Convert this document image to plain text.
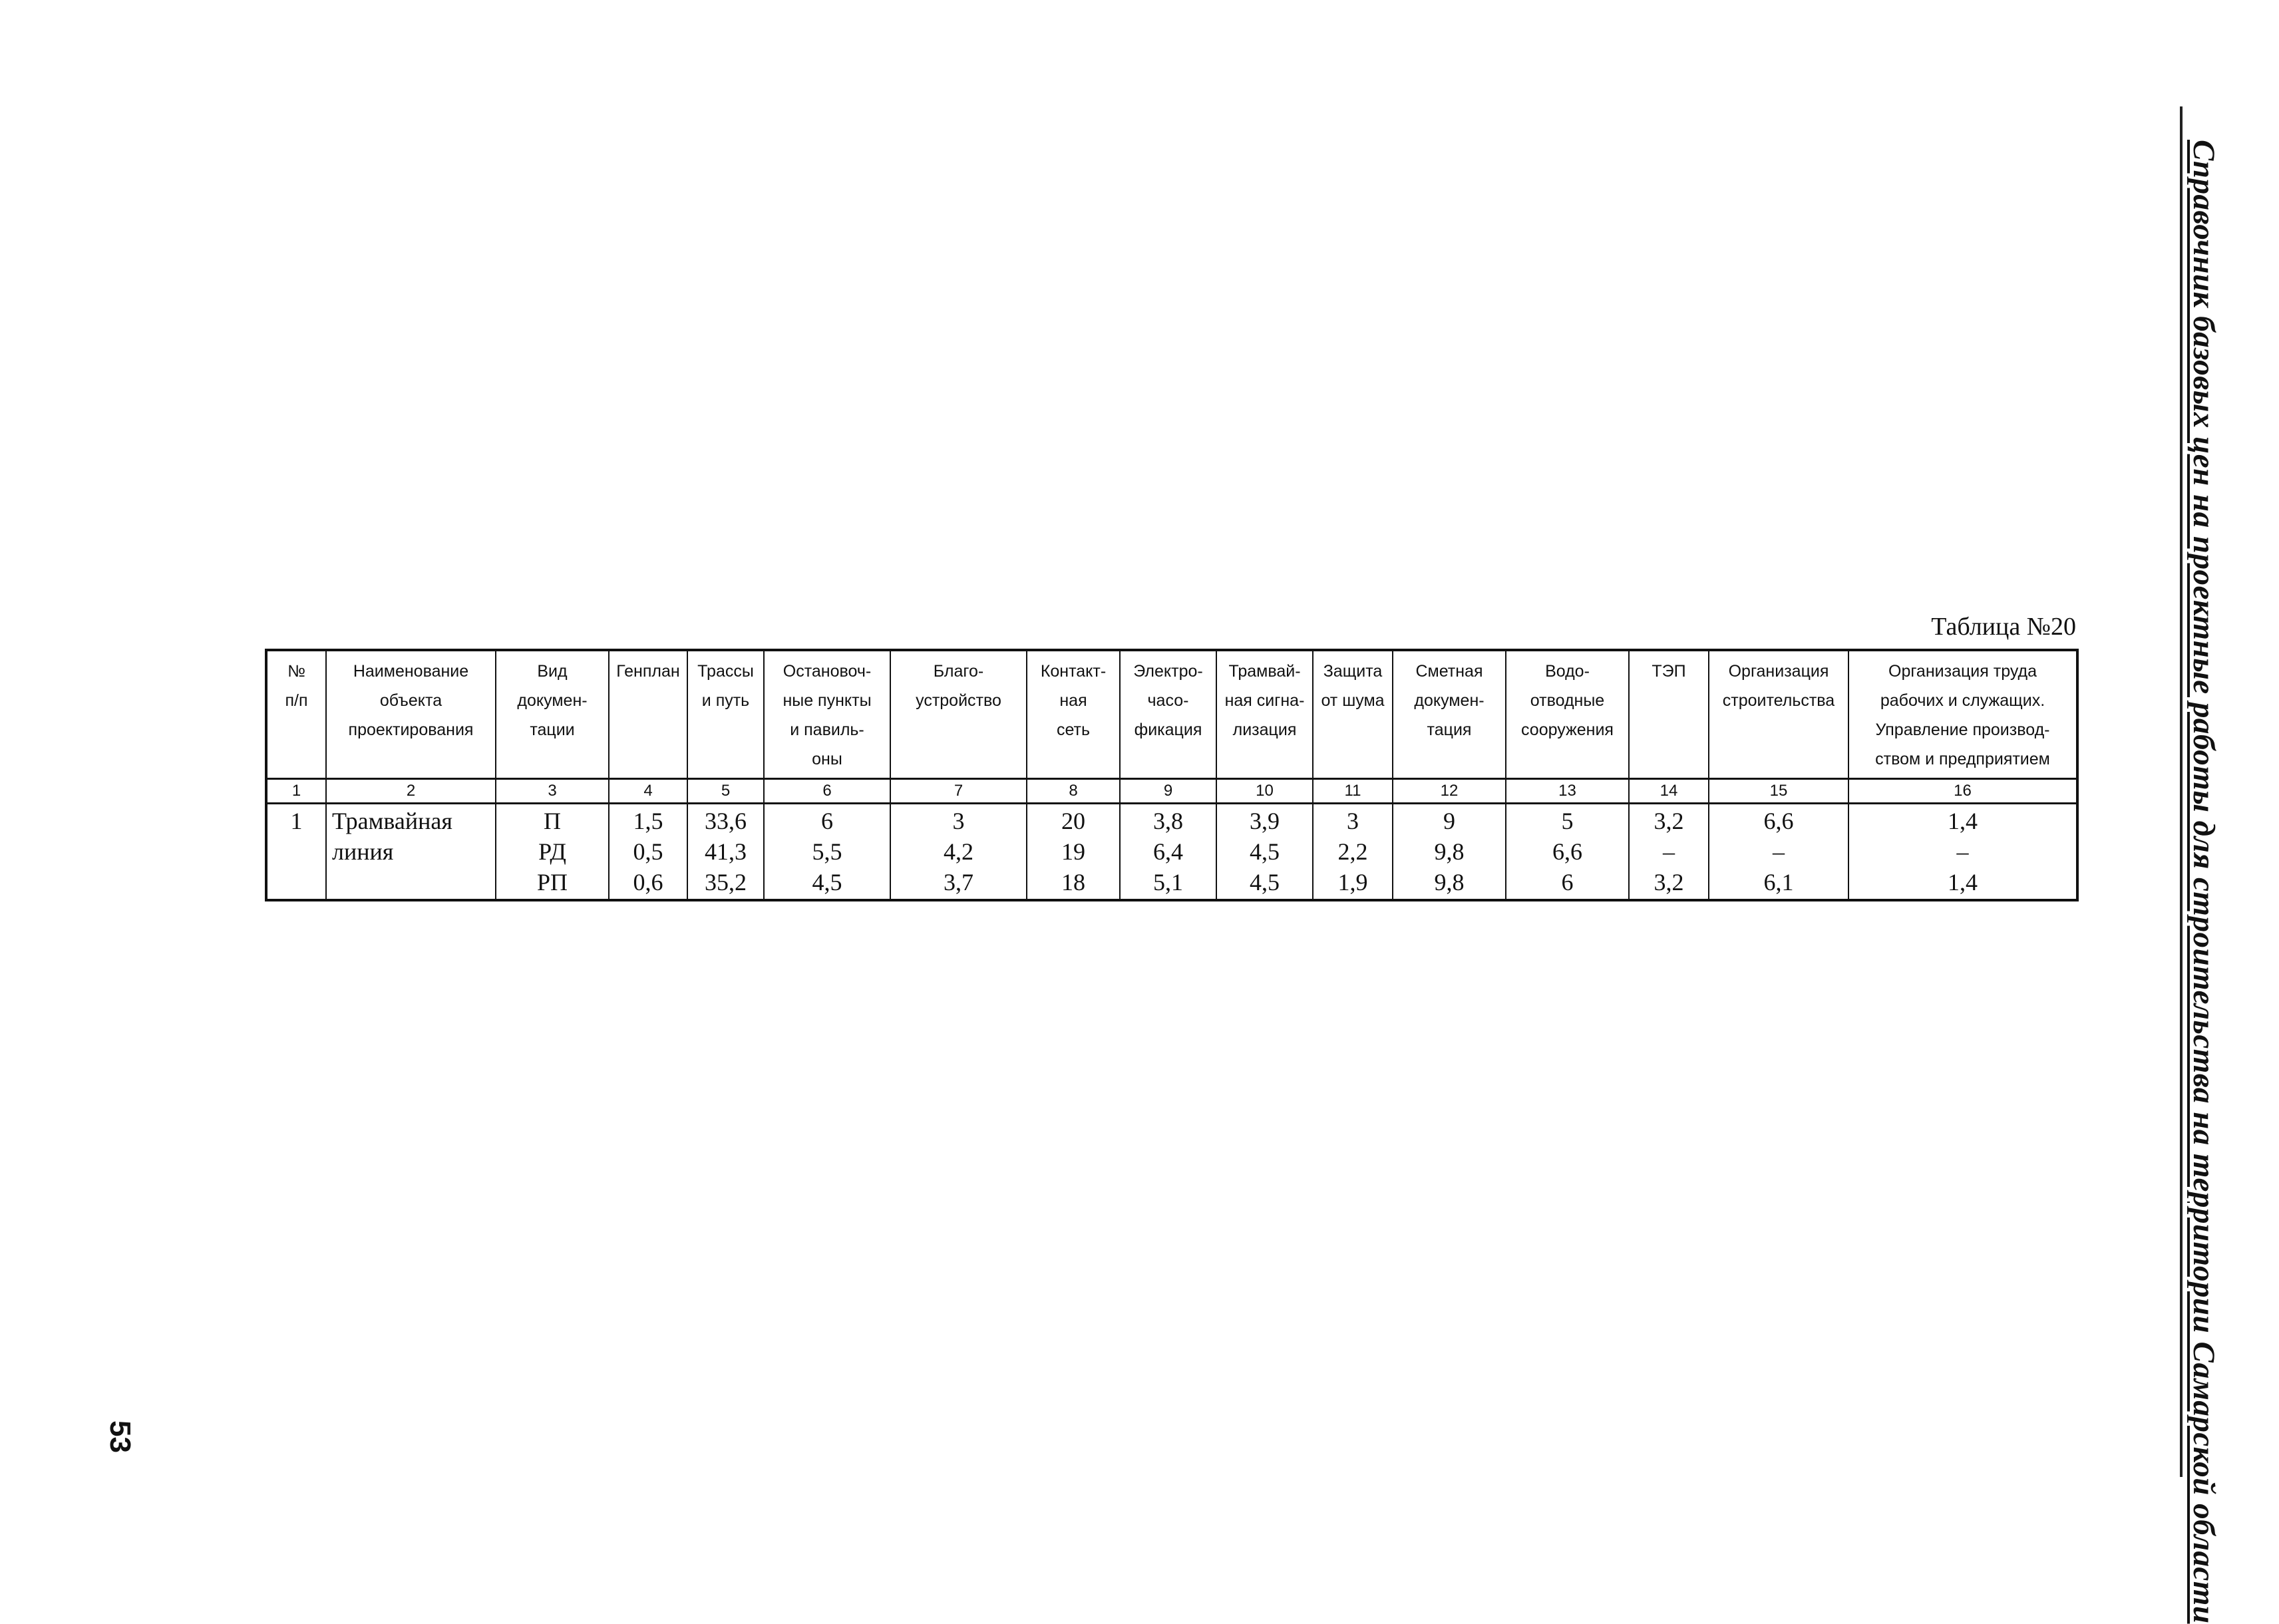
Справочник базовых цен на проектные работы для строительства на территории Самарской области
53
Таблица №20
№
п/п	Наименование
объекта
проектирования	Вид
докумен-
тации	Генплан	Трассы
и путь	Остановоч-
ные пункты
и павиль-
оны	Благо-
устройство	Контакт-
ная
сеть	Электро-
часо-
фикация	Трамвай-
ная сигна-
лизация	Защита
от шума	Сметная
докумен-
тация	Водо-
отводные
сооружения	ТЭП	Организация
строительства	Организация труда
рабочих и служащих.
Управление производ-
ством и предприятием

1	2	3	4	5	6	7	8	9	10	11	12	13	14	15	16
1	Трамвайная	П	1,5	33,6	6	3	20	3,8	3,9	3	9	5	3,2	6,6	1,4
	линия	РД	0,5	41,3	5,5	4,2	19	6,4	4,5	2,2	9,8	6,6	–	–	–
		РП	0,6	35,2	4,5	3,7	18	5,1	4,5	1,9	9,8	6	3,2	6,1	1,4
